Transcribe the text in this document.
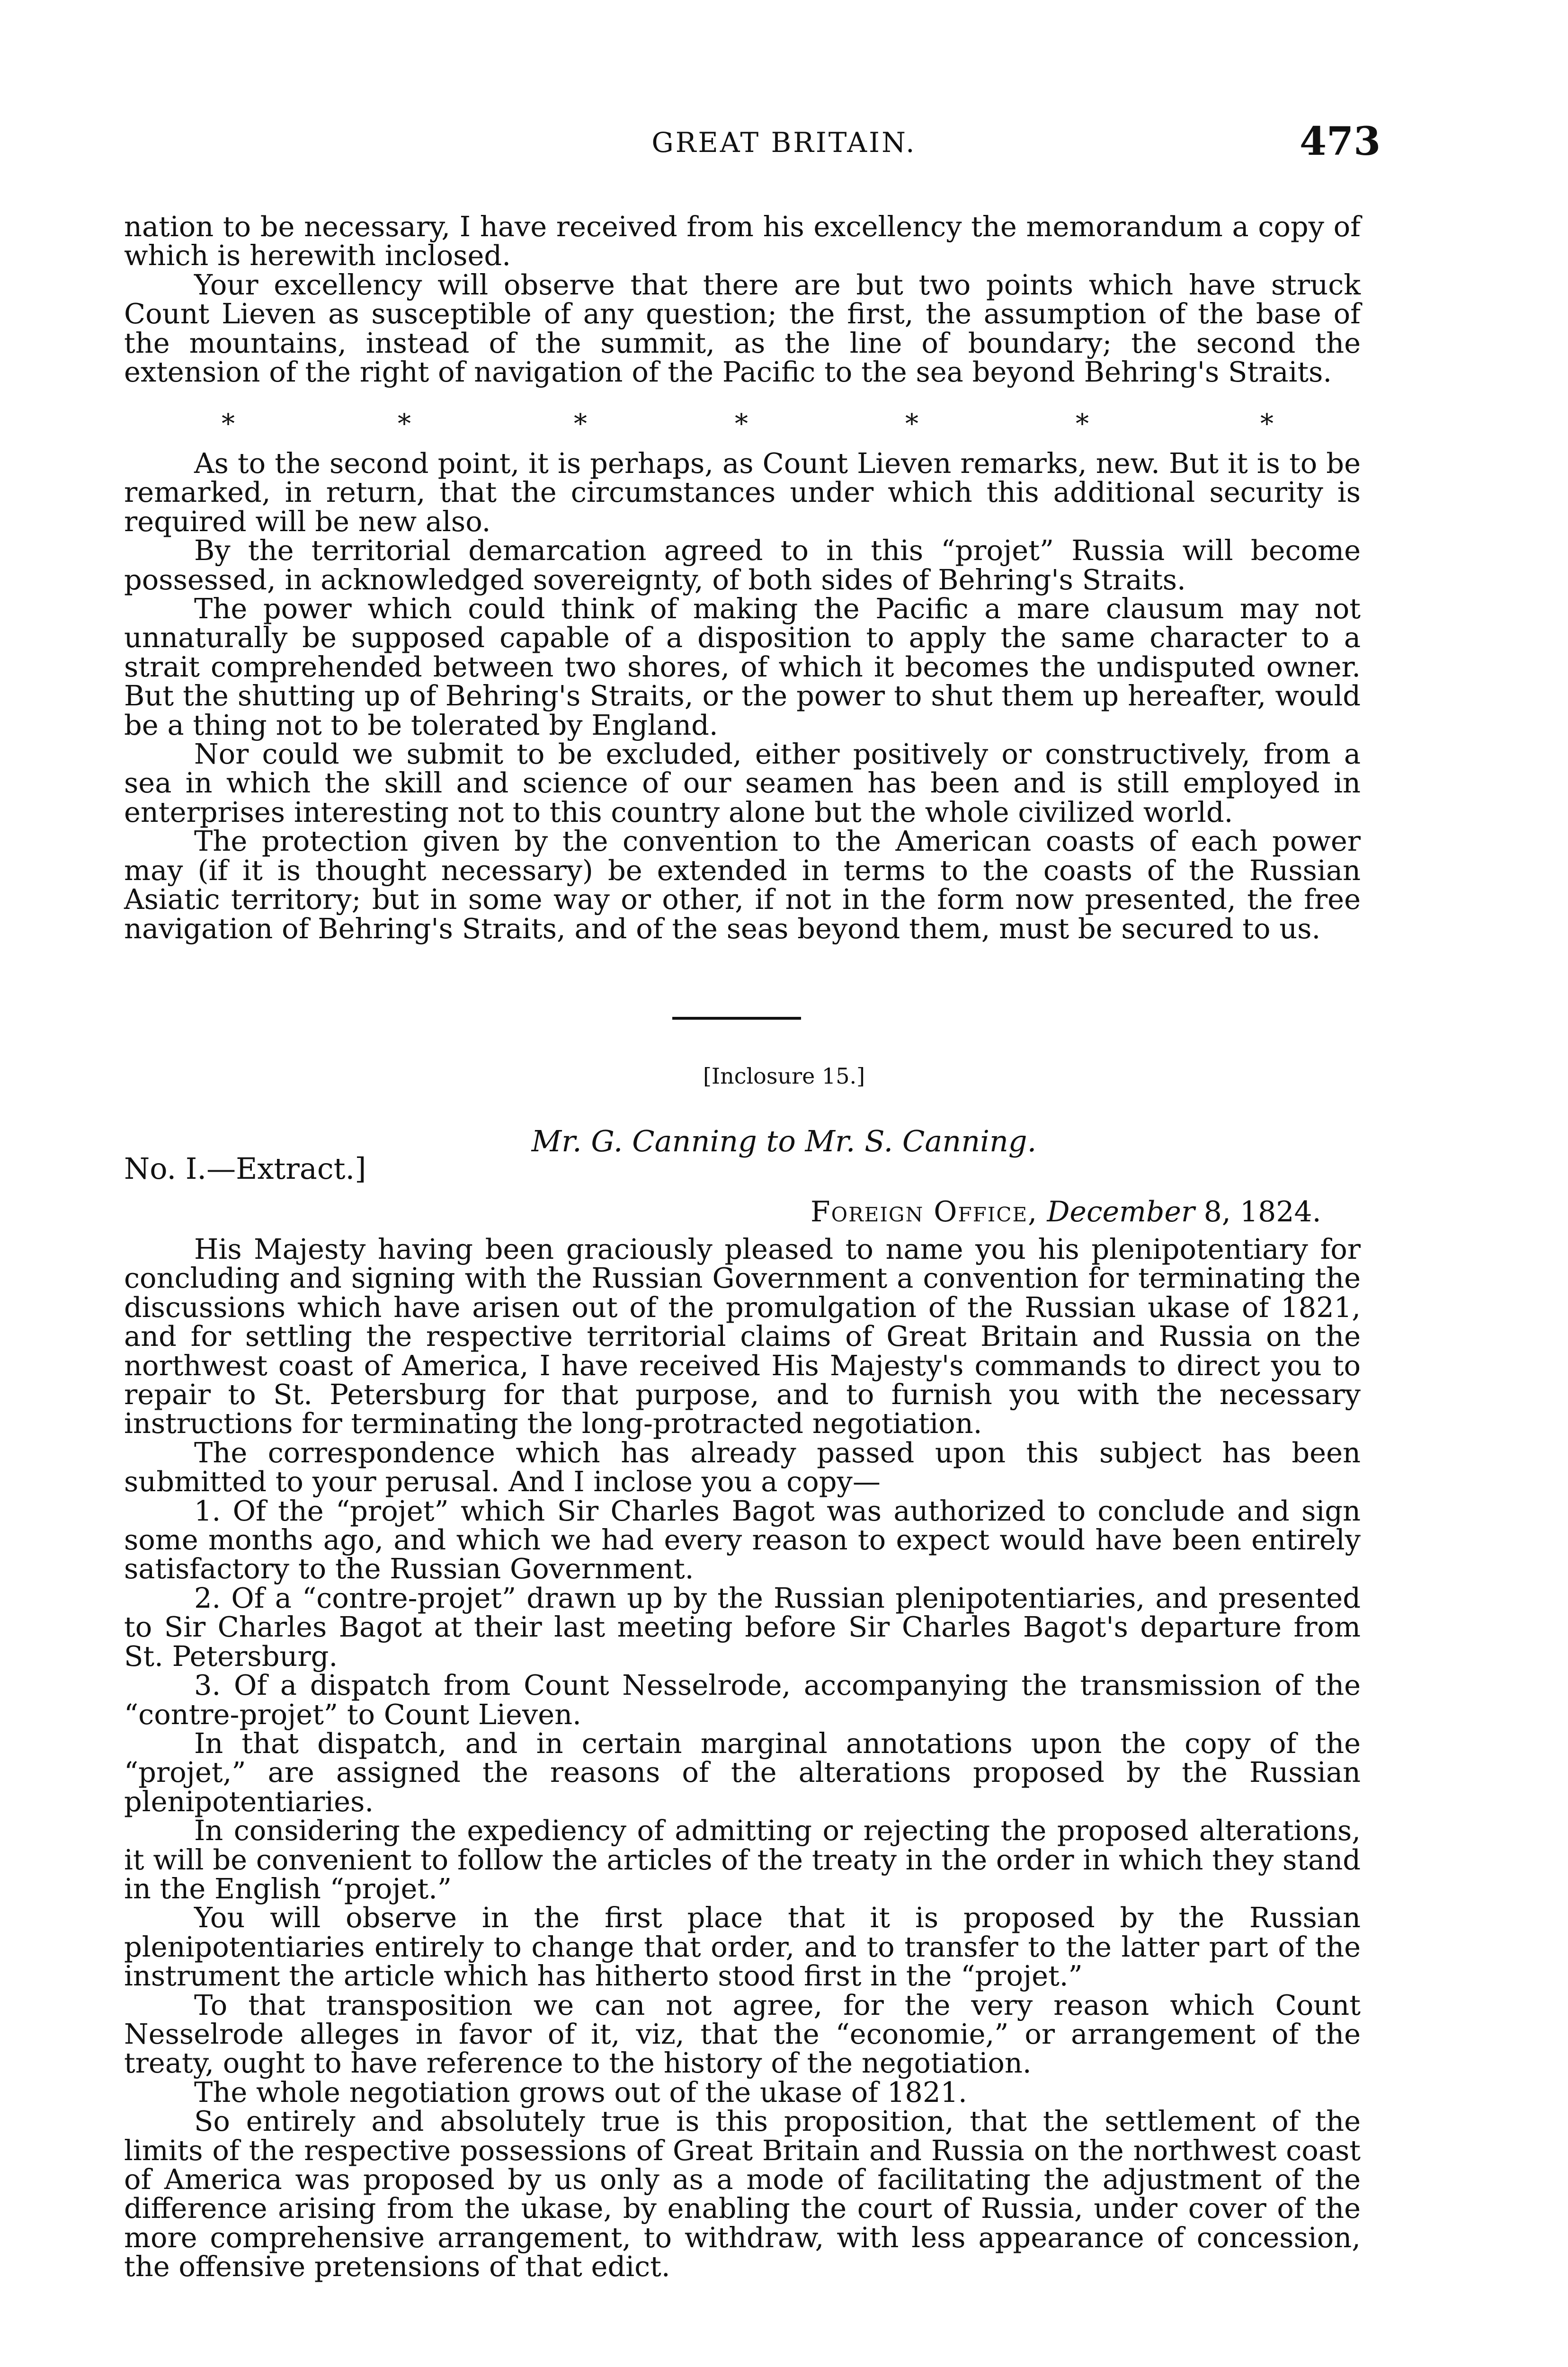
GREAT BRITAIN.	473

nation to be necessary, I have received from his excellency the memorandum a copy of which is herewith inclosed.

Your excellency will observe that there are but two points which have struck Count Lieven as susceptible of any question; the first, the assumption of the base of the mountains, instead of the summit, as the line of boundary; the second the extension of the right of navigation of the Pacific to the sea beyond Behring's Straits.

*	*	*	*	*	*	*

As to the second point, it is perhaps, as Count Lieven remarks, new. But it is to be remarked, in return, that the circumstances under which this additional security is required will be new also.

By the territorial demarcation agreed to in this “projet” Russia will become possessed, in acknowledged sovereignty, of both sides of Behring's Straits.

The power which could think of making the Pacific a mare clausum may not unnaturally be supposed capable of a disposition to apply the same character to a strait comprehended between two shores, of which it becomes the undisputed owner. But the shutting up of Behring's Straits, or the power to shut them up hereafter, would be a thing not to be tolerated by England.

Nor could we submit to be excluded, either positively or constructively, from a sea in which the skill and science of our seamen has been and is still employed in enterprises interesting not to this country alone but the whole civilized world.

The protection given by the convention to the American coasts of each power may (if it is thought necessary) be extended in terms to the coasts of the Russian Asiatic territory; but in some way or other, if not in the form now presented, the free navigation of Behring's Straits, and of the seas beyond them, must be secured to us.

[Inclosure 15.]
Mr. G. Canning to Mr. S. Canning.
No. I.—Extract.]
Foreign Office, December 8, 1824.

His Majesty having been graciously pleased to name you his plenipotentiary for concluding and signing with the Russian Government a convention for terminating the discussions which have arisen out of the promulgation of the Russian ukase of 1821, and for settling the respective territorial claims of Great Britain and Russia on the northwest coast of America, I have received His Majesty's commands to direct you to repair to St. Petersburg for that purpose, and to furnish you with the necessary instructions for terminating the long-protracted negotiation.

The correspondence which has already passed upon this subject has been submitted to your perusal. And I inclose you a copy—

1. Of the “projet” which Sir Charles Bagot was authorized to conclude and sign some months ago, and which we had every reason to expect would have been entirely satisfactory to the Russian Government.

2. Of a “contre-projet” drawn up by the Russian plenipotentiaries, and presented to Sir Charles Bagot at their last meeting before Sir Charles Bagot's departure from St. Petersburg.

3. Of a dispatch from Count Nesselrode, accompanying the transmission of the “contre-projet” to Count Lieven.

In that dispatch, and in certain marginal annotations upon the copy of the “projet,” are assigned the reasons of the alterations proposed by the Russian plenipotentiaries.

In considering the expediency of admitting or rejecting the proposed alterations, it will be convenient to follow the articles of the treaty in the order in which they stand in the English “projet.”

You will observe in the first place that it is proposed by the Russian plenipotentiaries entirely to change that order, and to transfer to the latter part of the instrument the article which has hitherto stood first in the “projet.”

To that transposition we can not agree, for the very reason which Count Nesselrode alleges in favor of it, viz, that the “economie,” or arrangement of the treaty, ought to have reference to the history of the negotiation.

The whole negotiation grows out of the ukase of 1821.

So entirely and absolutely true is this proposition, that the settlement of the limits of the respective possessions of Great Britain and Russia on the northwest coast of America was proposed by us only as a mode of facilitating the adjustment of the difference arising from the ukase, by enabling the court of Russia, under cover of the more comprehensive arrangement, to withdraw, with less appearance of concession, the offensive pretensions of that edict.
